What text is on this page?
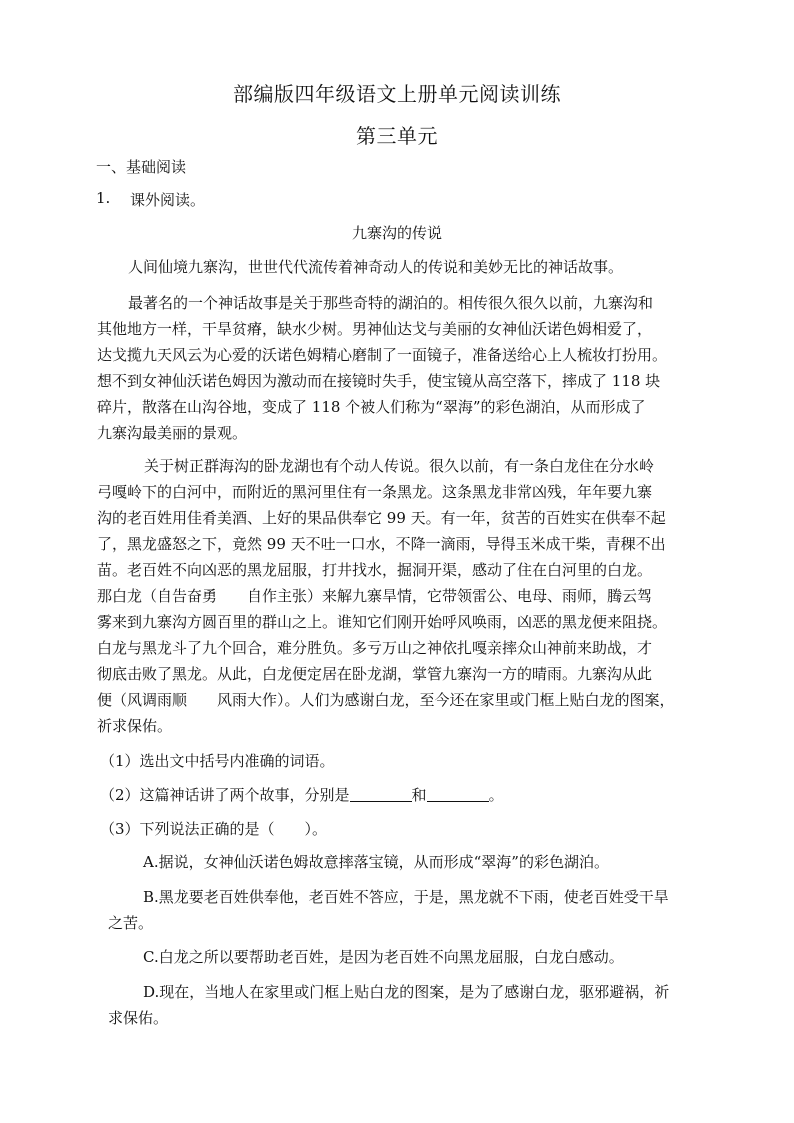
部编版四年级语文上册单元阅读训练
第三单元
一、基础阅读
1. 课外阅读。
九寨沟的传说
人间仙境九寨沟，世世代代流传着神奇动人的传说和美妙无比的神话故事。
最著名的一个神话故事是关于那些奇特的湖泊的。相传很久很久以前，九寨沟和
其他地方一样，干旱贫瘠，缺水少树。男神仙达戈与美丽的女神仙沃诺色姆相爱了，
达戈揽九天风云为心爱的沃诺色姆精心磨制了一面镜子，准备送给心上人梳妆打扮用。
想不到女神仙沃诺色姆因为激动而在接镜时失手，使宝镜从高空落下，摔成了 118 块
碎片，散落在山沟谷地，变成了 118 个被人们称为“翠海”的彩色湖泊，从而形成了
九寨沟最美丽的景观。
关于树正群海沟的卧龙湖也有个动人传说。很久以前，有一条白龙住在分水岭
弓嘎岭下的白河中，而附近的黑河里住有一条黑龙。这条黑龙非常凶残，年年要九寨
沟的老百姓用佳肴美酒、上好的果品供奉它 99 天。有一年，贫苦的百姓实在供奉不起
了，黑龙盛怒之下，竟然 99 天不吐一口水，不降一滴雨，导得玉米成干柴，青稞不出
苗。老百姓不向凶恶的黑龙屈服，打井找水，掘洞开渠，感动了住在白河里的白龙。
那白龙（自告奋勇　　自作主张）来解九寨旱情，它带领雷公、电母、雨师，腾云驾
雾来到九寨沟方圆百里的群山之上。谁知它们刚开始呼风唤雨，凶恶的黑龙便来阻挠。
白龙与黑龙斗了九个回合，难分胜负。多亏万山之神依扎嘎亲摔众山神前来助战，才
彻底击败了黑龙。从此，白龙便定居在卧龙湖，掌管九寨沟一方的晴雨。九寨沟从此
便（风调雨顺　　风雨大作）。人们为感谢白龙，至今还在家里或门框上贴白龙的图案，
祈求保佑。
（1）选出文中括号内准确的词语。
（2）这篇神话讲了两个故事，分别是	和	。
（3）下列说法正确的是（　　）。
A.据说，女神仙沃诺色姆故意摔落宝镜，从而形成“翠海”的彩色湖泊。
B.黑龙要老百姓供奉他，老百姓不答应，于是，黑龙就不下雨，使老百姓受干旱
之苦。
C.白龙之所以要帮助老百姓，是因为老百姓不向黑龙屈服，白龙白感动。
D.现在，当地人在家里或门框上贴白龙的图案，是为了感谢白龙，驱邪避祸，祈
求保佑。
